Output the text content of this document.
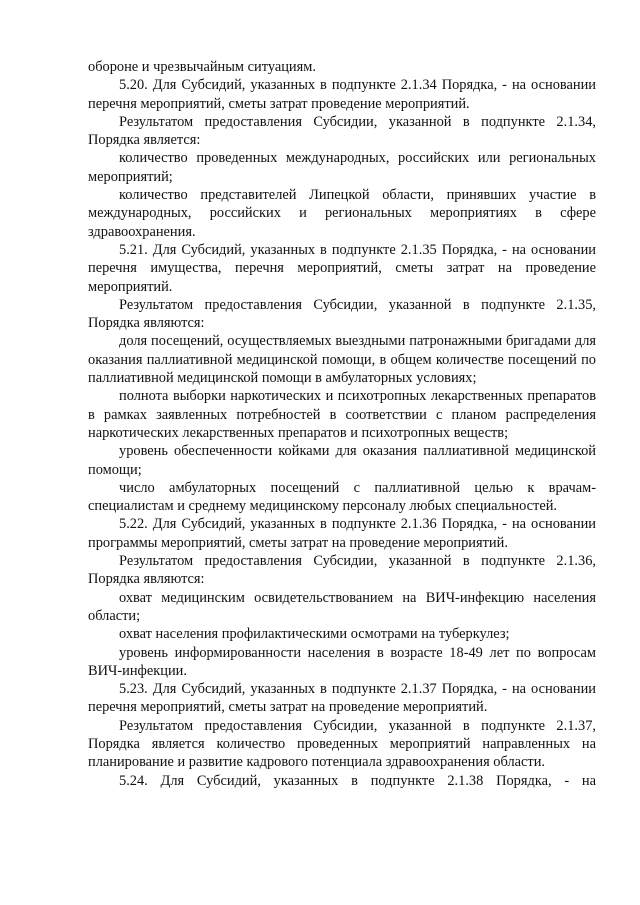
обороне и чрезвычайным ситуациям.

5.20. Для Субсидий, указанных в подпункте 2.1.34 Порядка, - на основании перечня мероприятий, сметы затрат проведение мероприятий.

Результатом предоставления Субсидии, указанной в подпункте 2.1.34, Порядка является:

количество проведенных международных, российских или региональных мероприятий;

количество представителей Липецкой области, принявших участие в международных, российских и региональных мероприятиях в сфере здравоохранения.

5.21. Для Субсидий, указанных в подпункте 2.1.35 Порядка, - на основании перечня имущества, перечня мероприятий, сметы затрат на проведение мероприятий.

Результатом предоставления Субсидии, указанной в подпункте 2.1.35, Порядка являются:

доля посещений, осуществляемых выездными патронажными бригадами для оказания паллиативной медицинской помощи, в общем количестве посещений по паллиативной медицинской помощи в амбулаторных условиях;

полнота выборки наркотических и психотропных лекарственных препаратов в рамках заявленных потребностей в соответствии с планом распределения наркотических лекарственных препаратов и психотропных веществ;

уровень обеспеченности койками для оказания паллиативной медицинской помощи;

число амбулаторных посещений с паллиативной целью к врачам-специалистам и среднему медицинскому персоналу любых специальностей.

5.22. Для Субсидий, указанных в подпункте 2.1.36 Порядка, - на основании программы мероприятий, сметы затрат на проведение мероприятий.

Результатом предоставления Субсидии, указанной в подпункте 2.1.36, Порядка являются:

охват медицинским освидетельствованием на ВИЧ-инфекцию населения области;

охват населения профилактическими осмотрами на туберкулез;

уровень информированности населения в возрасте 18-49 лет по вопросам ВИЧ-инфекции.

5.23. Для Субсидий, указанных в подпункте 2.1.37 Порядка, - на основании перечня мероприятий, сметы затрат на проведение мероприятий.

Результатом предоставления Субсидии, указанной в подпункте 2.1.37, Порядка является количество проведенных мероприятий направленных на планирование и развитие кадрового потенциала здравоохранения области.

5.24. Для Субсидий, указанных в подпункте 2.1.38 Порядка, - на
